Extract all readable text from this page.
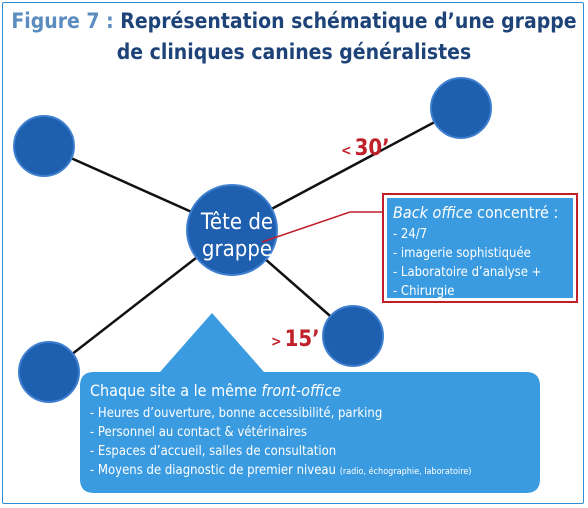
Figure 7 : Représentation schématique d’une grappe
de cliniques canines généralistes
Tête de
grappe
< 30’
> 15’
Back office concentré :
- 24/7
- imagerie sophistiquée
- Laboratoire d’analyse +
- Chirurgie
Chaque site a le même front-office
- Heures d’ouverture, bonne accessibilité, parking
- Personnel au contact & vétérinaires
- Espaces d’accueil, salles de consultation
- Moyens de diagnostic de premier niveau (radio, échographie, laboratoire)
